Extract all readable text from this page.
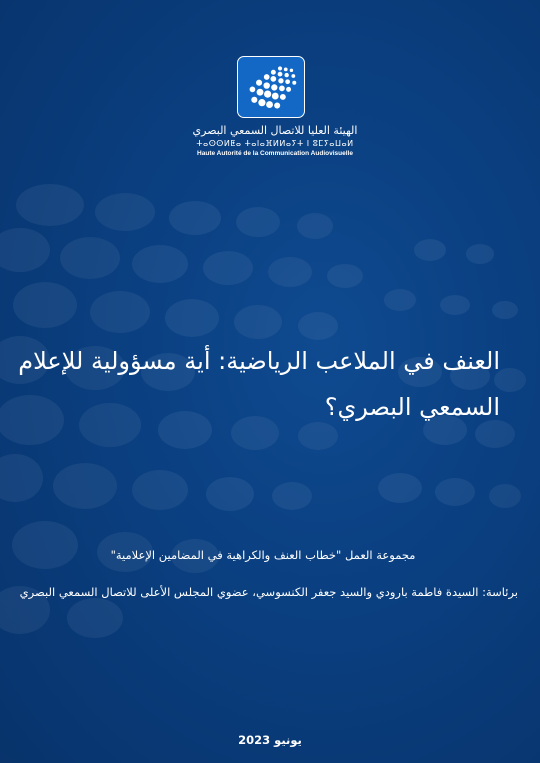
الهيئة العليا للاتصال السمعي البصري
ⵜⴰⵙⵙⵍⵟⴰ ⵜⴰⵏⴰⴼⵍⵍⴰⵢⵜ ⵏ ⵓⵎⵢⴰⵡⴰⵍ
Haute Autorité de la Communication Audiovisuelle
العنف في الملاعب الرياضية: أية مسؤولية للإعلام
السمعي البصري؟
مجموعة العمل "خطاب العنف والكراهية في المضامين الإعلامية"
برئاسة: السيدة فاطمة بارودي والسيد جعفر الكنسوسي، عضوي المجلس الأعلى للاتصال السمعي البصري
يونيو 2023
